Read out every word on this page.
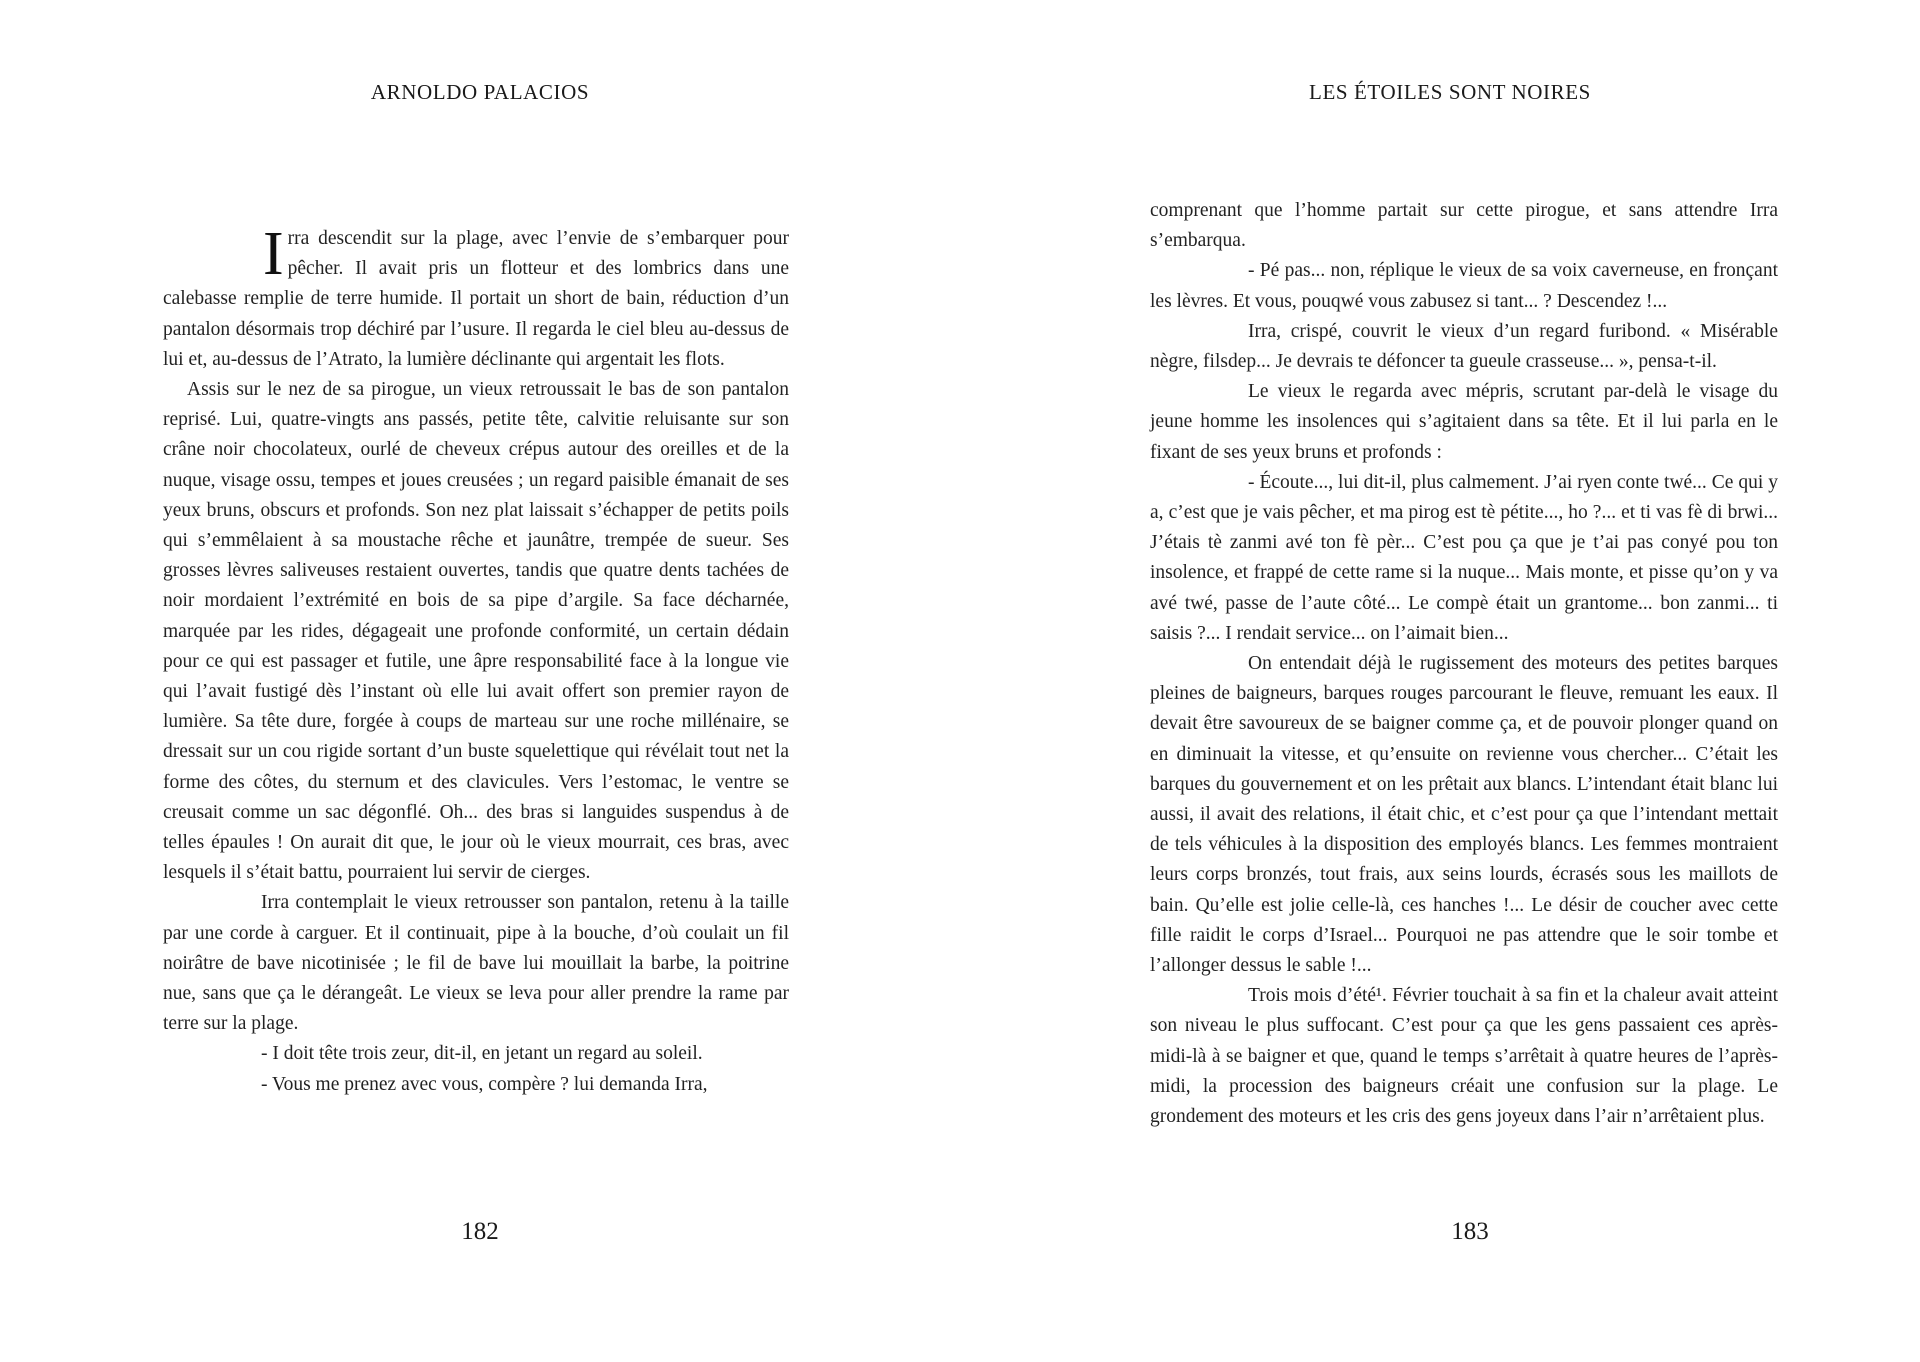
ARNOLDO PALACIOS

Irra descendit sur la plage, avec l’envie de s’embarquer pour pêcher. Il avait pris un flotteur et des lombrics dans une calebasse remplie de terre humide. Il portait un short de bain, réduction d’un pantalon désormais trop déchiré par l’usure. Il regarda le ciel bleu au-dessus de lui et, au-dessus de l’Atrato, la lumière déclinante qui argentait les flots.

Assis sur le nez de sa pirogue, un vieux retroussait le bas de son pantalon reprisé. Lui, quatre-vingts ans passés, petite tête, calvitie reluisante sur son crâne noir chocolateux, ourlé de cheveux crépus autour des oreilles et de la nuque, visage ossu, tempes et joues creusées ; un regard paisible émanait de ses yeux bruns, obscurs et profonds. Son nez plat laissait s’échapper de petits poils qui s’emmêlaient à sa moustache rêche et jaunâtre, trempée de sueur. Ses grosses lèvres saliveuses restaient ouvertes, tandis que quatre dents tachées de noir mordaient l’extrémité en bois de sa pipe d’argile. Sa face décharnée, marquée par les rides, dégageait une profonde conformité, un certain dédain pour ce qui est passager et futile, une âpre responsabilité face à la longue vie qui l’avait fustigé dès l’instant où elle lui avait offert son premier rayon de lumière. Sa tête dure, forgée à coups de marteau sur une roche millénaire, se dressait sur un cou rigide sortant d’un buste squelettique qui révélait tout net la forme des côtes, du sternum et des clavicules. Vers l’estomac, le ventre se creusait comme un sac dégonflé. Oh... des bras si languides suspendus à de telles épaules ! On aurait dit que, le jour où le vieux mourrait, ces bras, avec lesquels il s’était battu, pourraient lui servir de cierges.

Irra contemplait le vieux retrousser son pantalon, retenu à la taille par une corde à carguer. Et il continuait, pipe à la bouche, d’où coulait un fil noirâtre de bave nicotinisée ; le fil de bave lui mouillait la barbe, la poitrine nue, sans que ça le dérangeât. Le vieux se leva pour aller prendre la rame par terre sur la plage.

- I doit tête trois zeur, dit-il, en jetant un regard au soleil.

- Vous me prenez avec vous, compère ? lui demanda Irra,

182
LES ÉTOILES SONT NOIRES

comprenant que l’homme partait sur cette pirogue, et sans attendre Irra s’embarqua.

- Pé pas... non, réplique le vieux de sa voix caverneuse, en fronçant les lèvres. Et vous, pouqwé vous zabusez si tant... ? Descendez !...

Irra, crispé, couvrit le vieux d’un regard furibond. « Misérable nègre, filsdep... Je devrais te défoncer ta gueule crasseuse... », pensa-t-il.

Le vieux le regarda avec mépris, scrutant par-delà le visage du jeune homme les insolences qui s’agitaient dans sa tête. Et il lui parla en le fixant de ses yeux bruns et profonds :

- Écoute..., lui dit-il, plus calmement. J’ai ryen conte twé... Ce qui y a, c’est que je vais pêcher, et ma pirog est tè pétite..., ho ?... et ti vas fè di brwi... J’étais tè zanmi avé ton fè pèr... C’est pou ça que je t’ai pas conyé pou ton insolence, et frappé de cette rame si la nuque... Mais monte, et pisse qu’on y va avé twé, passe de l’aute côté... Le compè était un grantome... bon zanmi... ti saisis ?... I rendait service... on l’aimait bien...

On entendait déjà le rugissement des moteurs des petites barques pleines de baigneurs, barques rouges parcourant le fleuve, remuant les eaux. Il devait être savoureux de se baigner comme ça, et de pouvoir plonger quand on en diminuait la vitesse, et qu’ensuite on revienne vous chercher... C’était les barques du gouvernement et on les prêtait aux blancs. L’intendant était blanc lui aussi, il avait des relations, il était chic, et c’est pour ça que l’intendant mettait de tels véhicules à la disposition des employés blancs. Les femmes montraient leurs corps bronzés, tout frais, aux seins lourds, écrasés sous les maillots de bain. Qu’elle est jolie celle-là, ces hanches !... Le désir de coucher avec cette fille raidit le corps d’Israel... Pourquoi ne pas attendre que le soir tombe et l’allonger dessus le sable !...

Trois mois d’été¹. Février touchait à sa fin et la chaleur avait atteint son niveau le plus suffocant. C’est pour ça que les gens passaient ces après-midi-là à se baigner et que, quand le temps s’arrêtait à quatre heures de l’après-midi, la procession des baigneurs créait une confusion sur la plage. Le grondement des moteurs et les cris des gens joyeux dans l’air n’arrêtaient plus.

183
